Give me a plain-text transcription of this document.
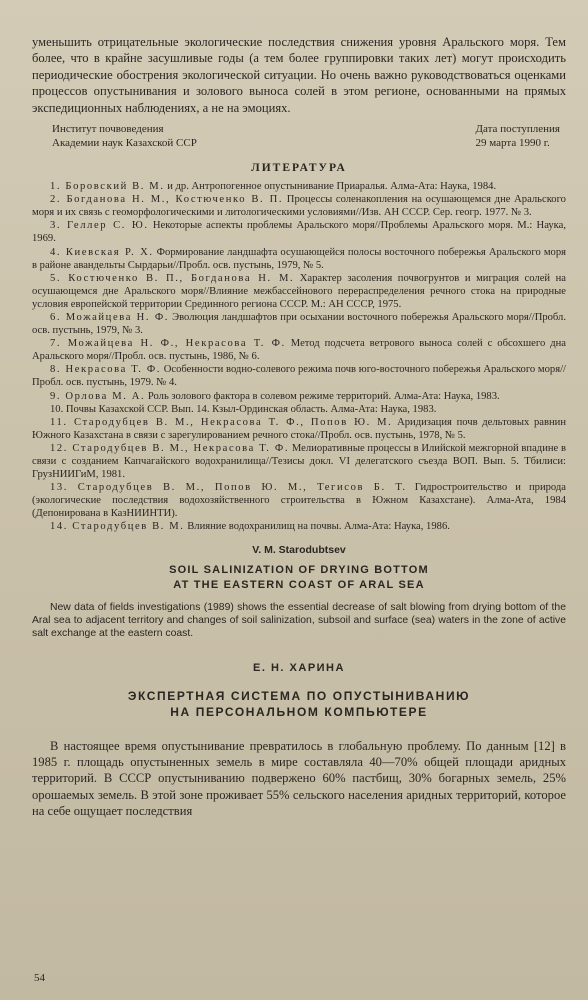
уменьшить отрицательные экологические последствия снижения уровня Аральского моря. Тем более, что в крайне засушливые годы (а тем более группировки таких лет) могут происходить периодические обострения экологической ситуации. Но очень важно руководствоваться оценками процессов опустынивания и золового выноса солей в этом регионе, основанными на прямых экспедиционных наблюдениях, а не на эмоциях.

Институт почвоведения
Академии наук Казахской ССР
Дата поступления
29 марта 1990 г.
ЛИТЕРАТУРА

1. Боровский В. М. и др. Антропогенное опустынивание Приаралья. Алма-Ата: Наука, 1984.

2. Богданова Н. М., Костюченко В. П. Процессы соленакопления на осушающемся дне Аральского моря и их связь с геоморфологическими и литологическими условиями//Изв. АН СССР. Сер. геогр. 1977. № 3.

3. Геллер С. Ю. Некоторые аспекты проблемы Аральского моря//Проблемы Аральского моря. М.: Наука, 1969.

4. Киевская Р. Х. Формирование ландшафта осушающейся полосы восточного побережья Аральского моря в районе авандельты Сырдарьи//Пробл. осв. пустынь, 1979, № 5.

5. Костюченко В. П., Богданова Н. М. Характер засоления почвогрунтов и миграция солей на осушающемся дне Аральского моря//Влияние межбассейнового перераспределения речного стока на природные условия европейской территории Срединного региона СССР. М.: АН СССР, 1975.

6. Можайцева Н. Ф. Эволюция ландшафтов при осыхании восточного побережья Аральского моря//Пробл. осв. пустынь, 1979, № 3.

7. Можайцева Н. Ф., Некрасова Т. Ф. Метод подсчета ветрового выноса солей с обсохшего дна Аральского моря//Пробл. осв. пустынь, 1986, № 6.

8. Некрасова Т. Ф. Особенности водно-солевого режима почв юго-восточного побережья Аральского моря//Пробл. осв. пустынь, 1979. № 4.

9. Орлова М. А. Роль золового фактора в солевом режиме территорий. Алма-Ата: Наука, 1983.

10. Почвы Казахской ССР. Вып. 14. Кзыл-Ординская область. Алма-Ата: Наука, 1983.

11. Стародубцев В. М., Некрасова Т. Ф., Попов Ю. М. Аридизация почв дельтовых равнин Южного Казахстана в связи с зарегулированием речного стока//Пробл. осв. пустынь, 1978, № 5.

12. Стародубцев В. М., Некрасова Т. Ф. Мелиоративные процессы в Илийской межгорной впадине в связи с созданием Капчагайского водохранилища//Тезисы докл. VI делегатского съезда ВОП. Вып. 5. Тбилиси: ГрузНИИГиМ, 1981.

13. Стародубцев В. М., Попов Ю. М., Тегисов Б. Т. Гидростроительство и природа (экологические последствия водохозяйственного строительства в Южном Казахстане). Алма-Ата, 1984 (Депонирована в КазНИИНТИ).

14. Стародубцев В. М. Влияние водохранилищ на почвы. Алма-Ата: Наука, 1986.

V. M. Starodubtsev
SOIL SALINIZATION OF DRYING BOTTOM
AT THE EASTERN COAST OF ARAL SEA

New data of fields investigations (1989) shows the essential decrease of salt blowing from drying bottom of the Aral sea to adjacent territory and changes of soil salinization, subsoil and surface (sea) waters in the zone of active salt exchange at the eastern coast.

Е. Н. ХАРИНА
ЭКСПЕРТНАЯ СИСТЕМА ПО ОПУСТЫНИВАНИЮ
НА ПЕРСОНАЛЬНОМ КОМПЬЮТЕРЕ

В настоящее время опустынивание превратилось в глобальную проблему. По данным [12] в 1985 г. площадь опустыненных земель в мире составляла 40—70% общей площади аридных территорий. В СССР опустыниванию подвержено 60% пастбищ, 30% богарных земель, 25% орошаемых земель. В этой зоне проживает 55% сельского населения аридных территорий, которое на себе ощущает последствия

54
